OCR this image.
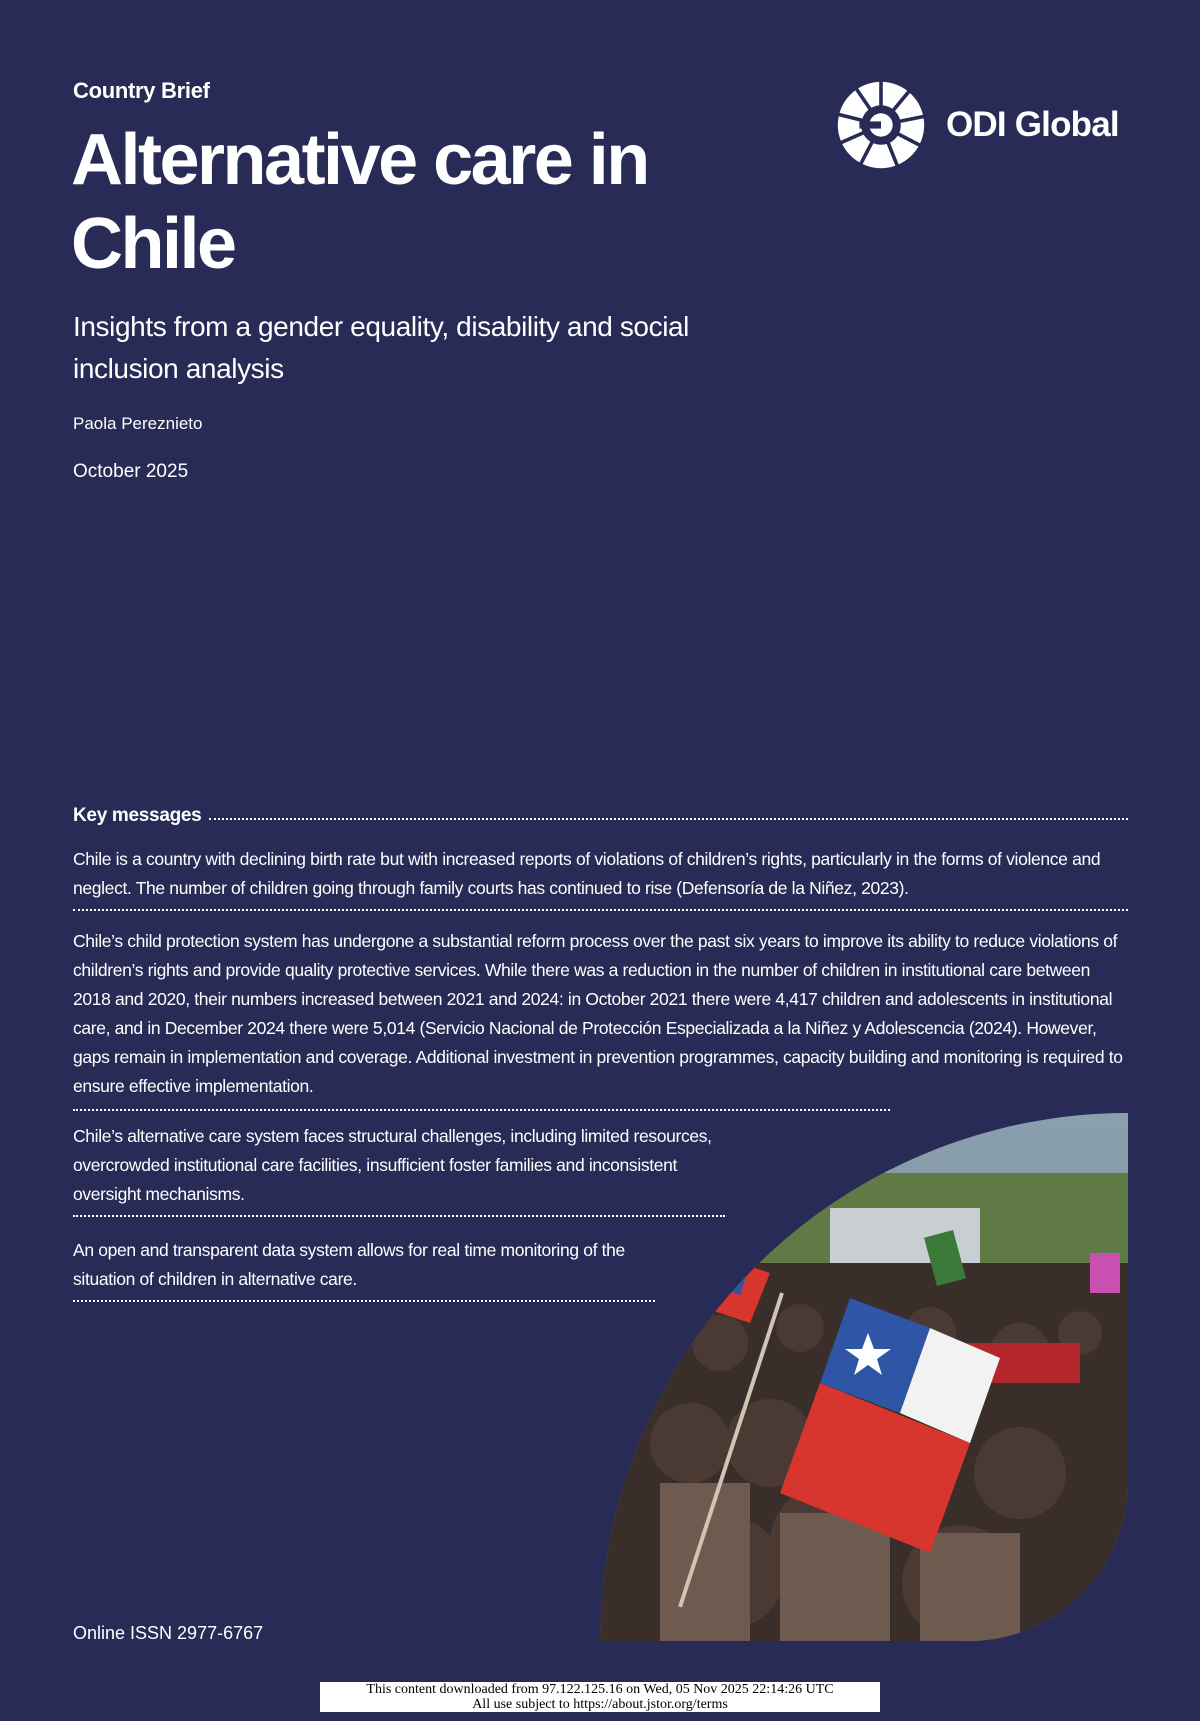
Country Brief
Alternative care in Chile
Insights from a gender equality, disability and social inclusion analysis
Paola Pereznieto
October 2025
ODI Global
Key messages
Chile is a country with declining birth rate but with increased reports of violations of children’s rights, particularly in the forms of violence and neglect. The number of children going through family courts has continued to rise (Defensoría de la Niñez, 2023).
Chile’s child protection system has undergone a substantial reform process over the past six years to improve its ability to reduce violations of children’s rights and provide quality protective services. While there was a reduction in the number of children in institutional care between 2018 and 2020, their numbers increased between 2021 and 2024: in October 2021 there were 4,417 children and adolescents in institutional care, and in December 2024 there were 5,014 (Servicio Nacional de Protección Especializada a la Niñez y Adolescencia (2024). However, gaps remain in implementation and coverage. Additional investment in prevention programmes, capacity building and monitoring is required to ensure effective implementation.
Chile’s alternative care system faces structural challenges, including limited resources, overcrowded institutional care facilities, insufficient foster families and inconsistent oversight mechanisms.
An open and transparent data system allows for real time monitoring of the situation of children in alternative care.
Online ISSN 2977-6767
This content downloaded from 97.122.125.16 on Wed, 05 Nov 2025 22:14:26 UTC
All use subject to https://about.jstor.org/terms
